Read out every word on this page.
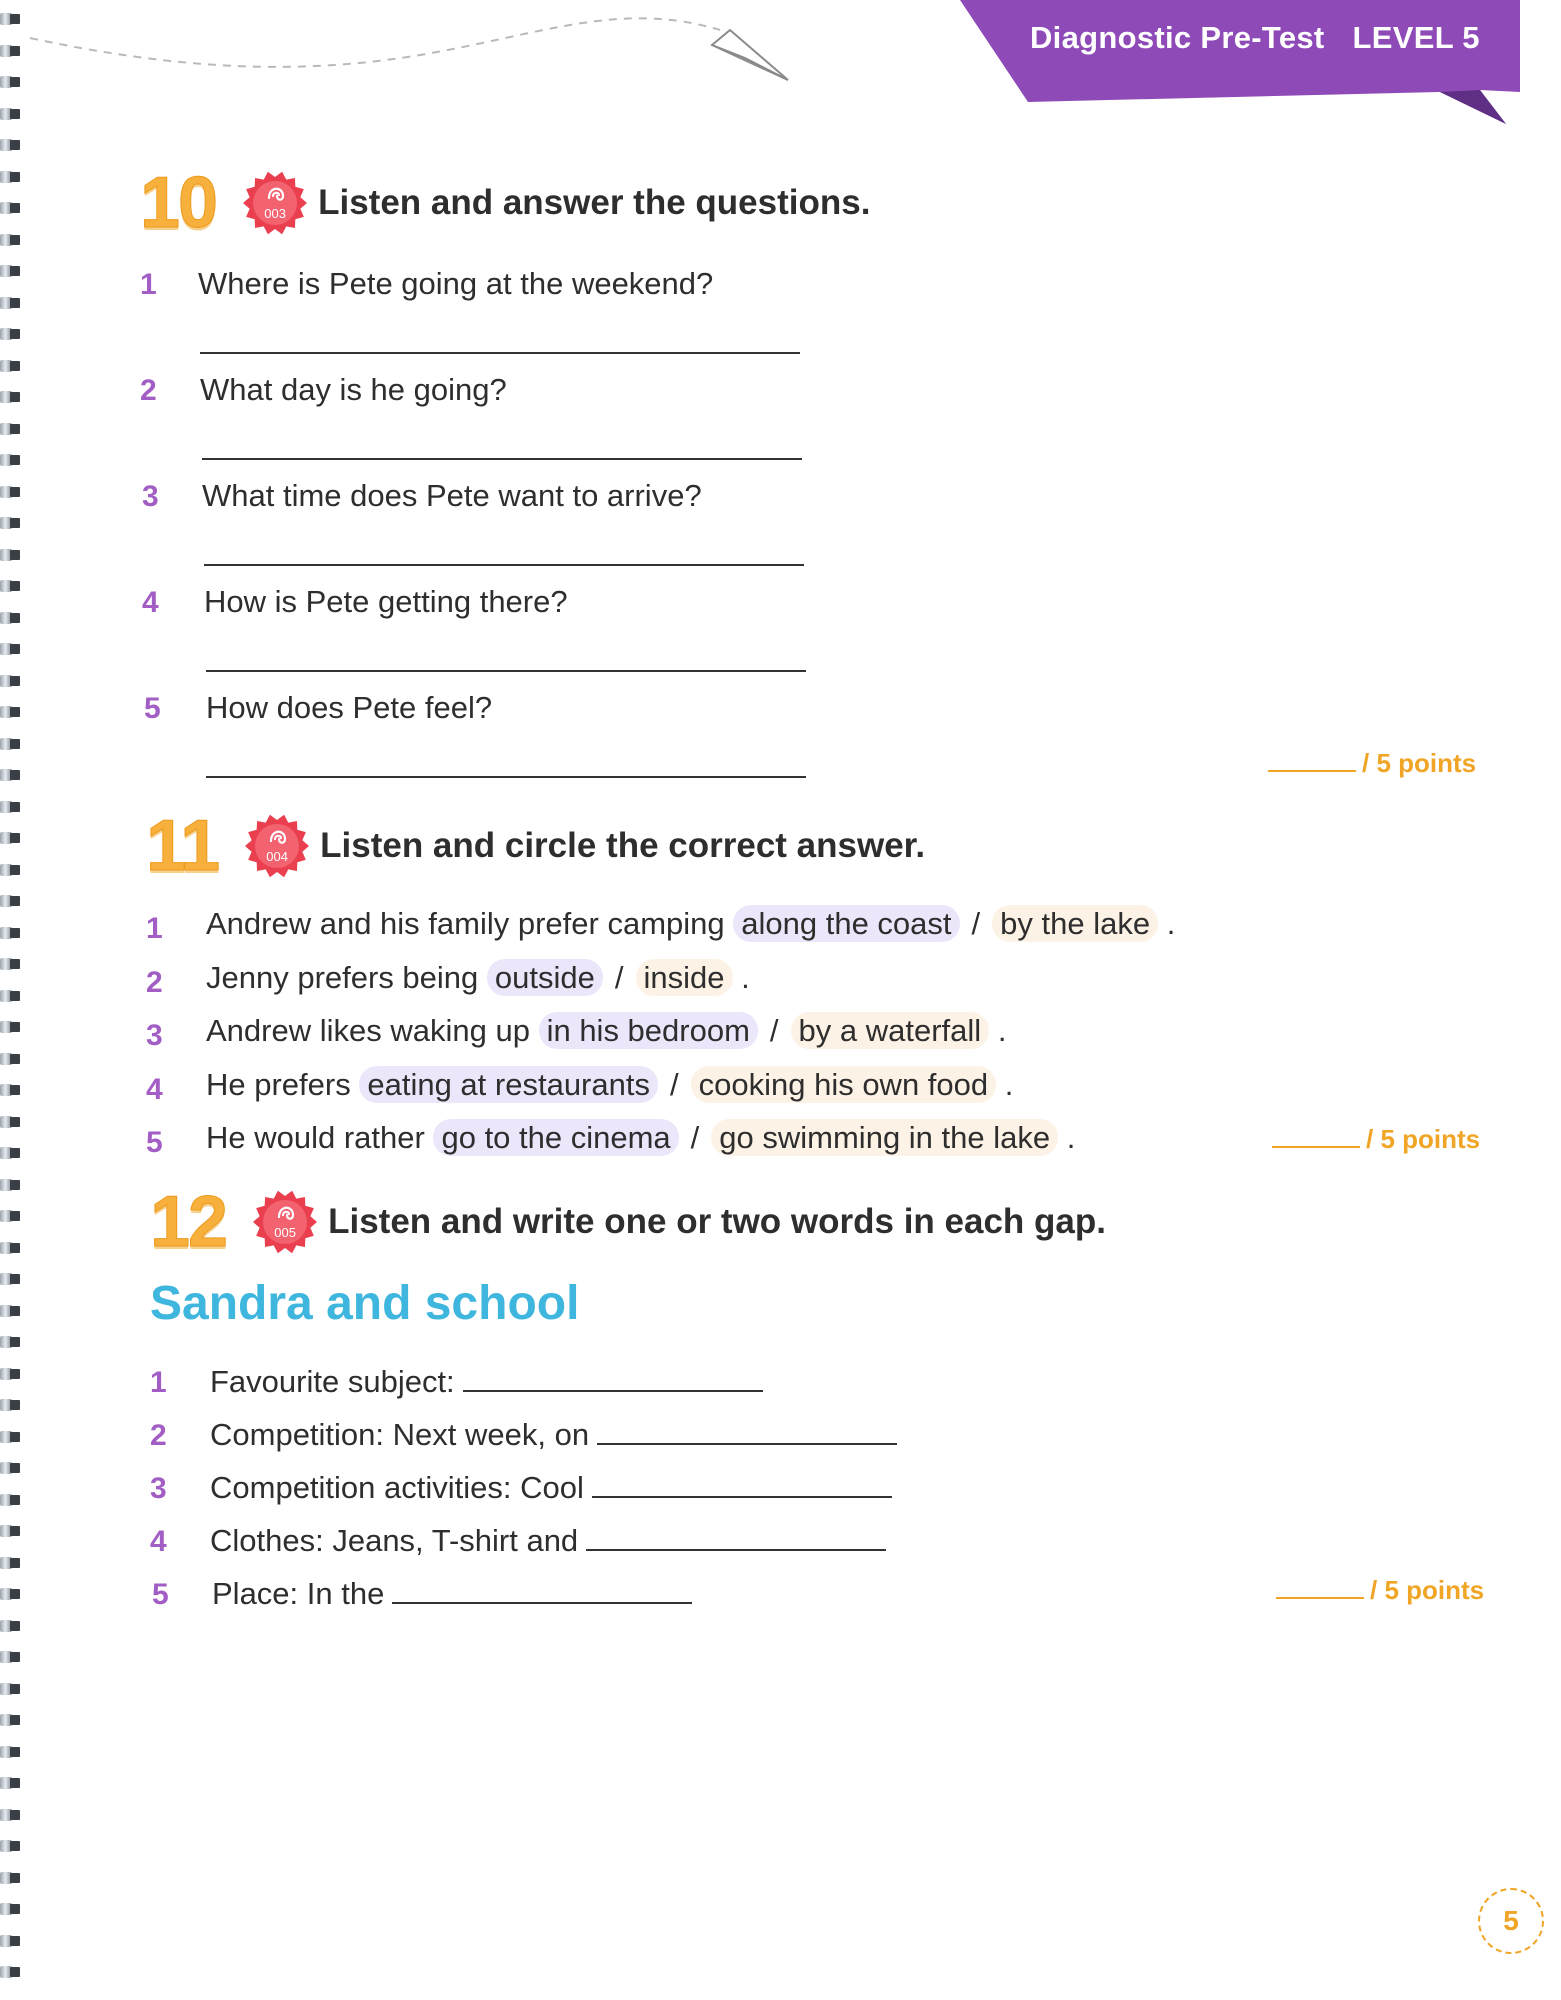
Diagnostic Pre-Test LEVEL 5
10	003 Listen and answer the questions.
1 Where is Pete going at the weekend?
2 What day is he going?
3 What time does Pete want to arrive?
4 How is Pete getting there?
5 How does Pete feel?
/ 5 points
11	004 Listen and circle the correct answer.
1 Andrew and his family prefer camping along the coast / by the lake .
2 Jenny prefers being outside / inside .
3 Andrew likes waking up in his bedroom / by a waterfall .
4 He prefers eating at restaurants / cooking his own food .
5 He would rather go to the cinema / go swimming in the lake .	/ 5 points
12	005 Listen and write one or two words in each gap.
Sandra and school
1 Favourite subject:
2 Competition: Next week, on
3 Competition activities: Cool
4 Clothes: Jeans, T-shirt and
5 Place: In the	/ 5 points
5
